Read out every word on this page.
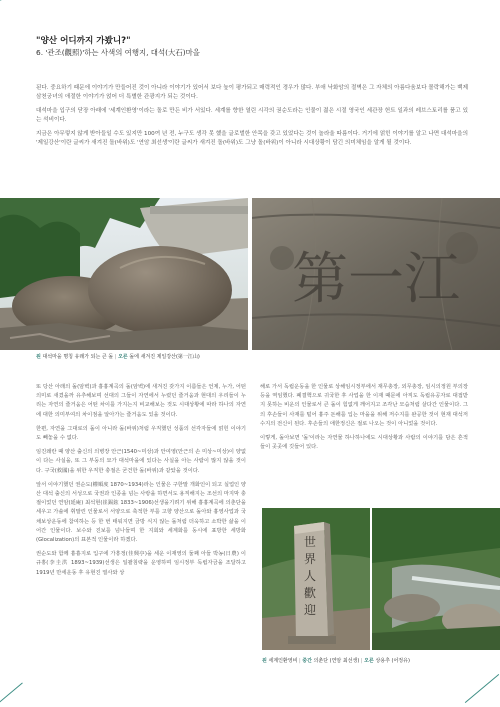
"양산 어디까지 가봤니?"
6. '관조(觀照)'하는 사색의 여행지, 대석(大石)마을

된다. 중요하기 때문에 이야기가 만들어진 것이 아니라 이야기가 있어서 보다 높이 평가되고 매력적인 경우가 많다. 부애 낙화암의 절벽은 그 자체의 아름다움보다 몰락해가는 백제 삼천궁녀의 애절한 이야기가 얹어 더 특별한 관광지가 되는 것이다.

대석마을 입구의 닫장 아래에 '세계인환영'이라는 돌로 만든 비가 서있다. 세계를 향한 열린 시각의 권순도라는 인물이 젊은 시절 영국인 세관장 헌트 일과의 레브스토리를 품고 있는 석비이다.

지금은 아무렇지 않게 받아들일 수도 있지만 100여 년 전, 누구도 생각 못 했을 글로벌한 안목을 갖고 있었다는 것이 놀라울 따름이다. 거기에 얽힌 이야기를 알고 나면 대석마을의 '제일강산'이란 글씨가 새겨진 돌(바위)도 '연암 최선생'이란 글씨가 새겨진 돌(바위)도 그냥 돌(바위)이 아니라 시대상황이 담긴 의미체임을 알게 될 것이다.

第一江
왼 대석마을 명칭 유래가 되는 큰 돌 | 오른 돌에 새겨진 제일강산(第一江山)

또 당산 아래의 돌(암벽)과 흉흉계곡의 돌(암벽)에 새겨진 갖가지 이름들은 언제, 누가, 어떤 의미로 새겼을까 유추해보며 선대의 그들이 자연에서 누렸던 즐거움과 현대의 우리들이 누리는 자연의 즐거움은 어떤 차이를 가지는지 비교해보는 것도 시대상황에 따라 하나의 자연에 대한 의미부여의 차이점을 알아가는 즐거움도 있을 것이다.

한편, 자연을 그대로의 돌이 아니라 돌(바위)처럼 우직했던 성품의 선각자들에 얽힌 이야기도 빼놓을 수 없다.

임진왜란 때 양산 출신의 의병장 안근(1540~미상)과 안여영(안근의 손 미상~미상)이 양없이 다는 사실을, 또 그 부둥의 묘가 대석마을에 있다는 사실을 아는 사람이 많지 않을 것이다. 구국(救國)을 위한 우직한 충절은 굳건한 돌(바위)과 같았을 것이다.

앞서 이야기했던 권순도(權順度 1870~1934)라는 인물은 구한말 개화인이 되고 실업인 양산 대석 출신의 서성으로 국권과 인종을 넘는 사랑을 하면서도 용직해지는 조선의 마지막 충절이었던 연암(延庵) 최석현(崔錫鉉 1833~1906)선생을기려기 위해 흉흉계곡에 의춘단을 세우고 가솔에 휘말린 인물로서 서양으로 축적한 부를 고향 양산으로 돌아와 흉영사업과 국채보상운동에 참여하는 등 한 번 태워지면 금방 식지 않는 돌처럼 더욱하고 소박한 삶을 이어간 인물이다. 보수와 진보를 넘나들며 한 지회와 세계화를 동시에 표방한 세방화(Glocalization)의 표본적 인물이라 하겠다.

권순도와 함께 흉흉지로 입구에 가흥정(佳興亭)을 세운 이재영의 둘째 아들 박농(日農) 이규홍(李圭洪 1893~1939)선생은 일괄침략을 운영하며 임시정부 독립자금을 조달하고 1919년 만세운동 후 유현진 열사와 상

해로 가서 독립운동을 한 인물로 상해임시정부에서 재무총장, 외무총장, 임시의정원 부의장 등을 역임했다. 폐결핵으로 귀국한 후 사업을 한 이재 때문에 아직도 독립유공자로 대접받지 못하는 비운의 인물로서 큰 돌이 힘없게 깨어지고 조각난 모습처럼 살다간 인물이다. 그의 후손들이 사재를 털어 흉주 돈해를 입는 마을을 위해 저수지를 완공한 것이 현재 대석저수지의 전신이 된다. 후손들의 애한정신은 절로 나오는 것이 아니었을 것이다.

이렇게, 돌아보면 '돌'이라는 자연물 하나하나에도 시대상황과 사람의 이야기를 담은 흔적들이 곳곳에 깃들어 있다.

世界人歡迎
왼 세계인환영비 | 중간 의춘단 (연암 최선생) | 오른 상용추 (어정유)
